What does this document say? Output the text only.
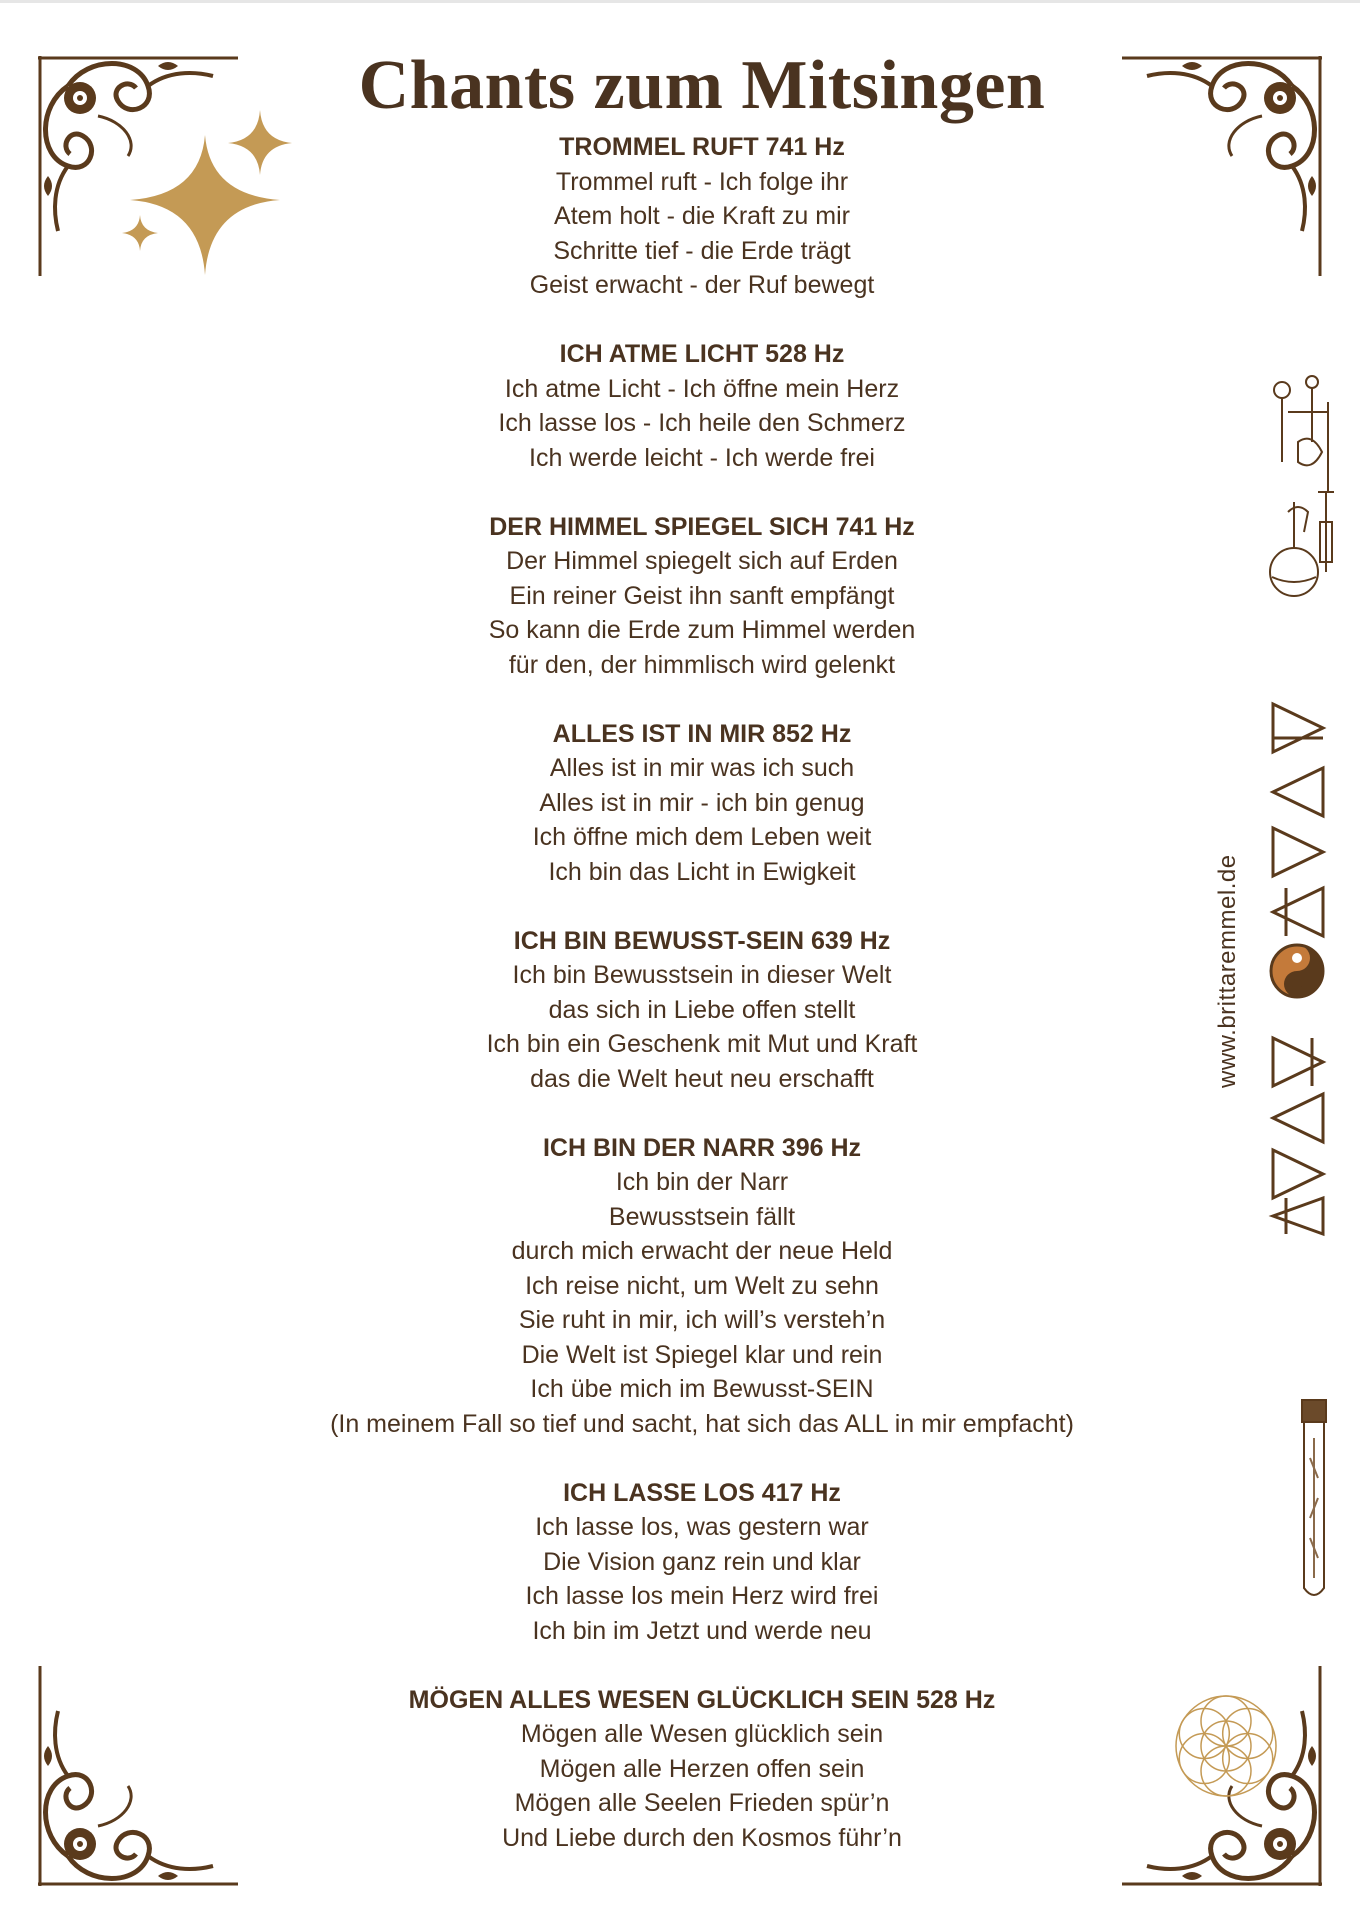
www.brittaremmel.de
Chants zum Mitsingen
TROMMEL RUFT 741 Hz
Trommel ruft - Ich folge ihr
Atem holt - die Kraft zu mir
Schritte tief - die Erde trägt
Geist erwacht - der Ruf bewegt
ICH ATME LICHT 528 Hz
Ich atme Licht - Ich öffne mein Herz
Ich lasse los - Ich heile den Schmerz
Ich werde leicht - Ich werde frei
DER HIMMEL SPIEGEL SICH 741 Hz
Der Himmel spiegelt sich auf Erden
Ein reiner Geist ihn sanft empfängt
So kann die Erde zum Himmel werden
für den, der himmlisch wird gelenkt
ALLES IST IN MIR 852 Hz
Alles ist in mir was ich such
Alles ist in mir - ich bin genug
Ich öffne mich dem Leben weit
Ich bin das Licht in Ewigkeit
ICH BIN BEWUSST-SEIN 639 Hz
Ich bin Bewusstsein in dieser Welt
das sich in Liebe offen stellt
Ich bin ein Geschenk mit Mut und Kraft
das die Welt heut neu erschafft
ICH BIN DER NARR 396 Hz
Ich bin der Narr
Bewusstsein fällt
durch mich erwacht der neue Held
Ich reise nicht, um Welt zu sehn
Sie ruht in mir, ich will’s versteh’n
Die Welt ist Spiegel klar und rein
Ich übe mich im Bewusst-SEIN
(In meinem Fall so tief und sacht, hat sich das ALL in mir empfacht)
ICH LASSE LOS 417 Hz
Ich lasse los, was gestern war
Die Vision ganz rein und klar
Ich lasse los mein Herz wird frei
Ich bin im Jetzt und werde neu
MÖGEN ALLES WESEN GLÜCKLICH SEIN 528 Hz
Mögen alle Wesen glücklich sein
Mögen alle Herzen offen sein
Mögen alle Seelen Frieden spür’n
Und Liebe durch den Kosmos führ’n
